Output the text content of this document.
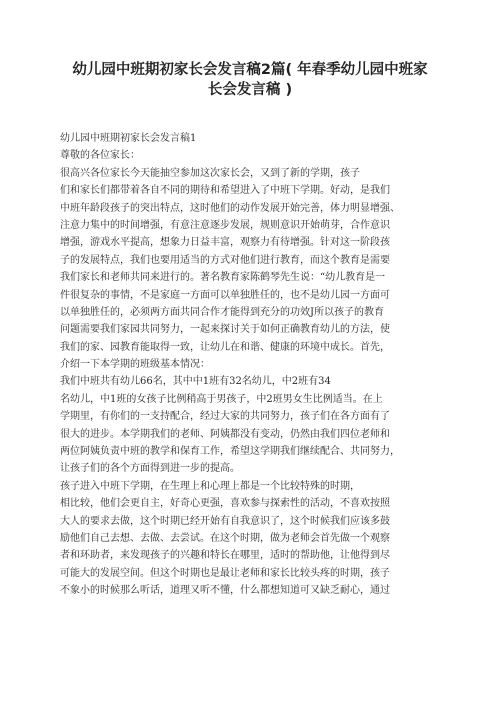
幼儿园中班期初家长会发言稿2篇( 年春季幼儿园中班家
长会发言稿 )
幼儿园中班期初家长会发言稿1
尊敬的各位家长：
很高兴各位家长今天能抽空参加这次家长会，又到了新的学期，孩子
们和家长们都带着各自不同的期待和希望进入了中班下学期。好动，是我们
中班年龄段孩子的突出特点，这时他们的动作发展开始完善，体力明显增强、
注意力集中的时间增强，有意注意逐步发展，规则意识开始萌芽，合作意识
增强，游戏水平提高，想象力日益丰富，观察力有待增强。针对这一阶段孩
子的发展特点，我们也要用适当的方式对他们进行教育，而这个教育是需要
我们家长和老师共同来进行的。著名教育家陈鹤琴先生说：“幼儿教育是一
件很复杂的事情，不是家庭一方面可以单独胜任的，也不是幼儿园一方面可
以单独胜任的，必须两方面共同合作才能得到充分的功效J所以孩子的教育
问题需要我们家园共同努力，一起来探讨关于如何正确教育幼儿的方法，使
我们的家、园教育能取得一致，让幼儿在和谐、健康的环境中成长。首先，
介绍一下本学期的班级基本情况：
我们中班共有幼儿66名，其中中1班有32名幼儿，中2班有34
名幼儿，中1班的女孩子比例稍高于男孩子，中2班男女生比例适当。在上
学期里，有你们的一支持配合，经过大家的共同努力，孩子们在各方面有了
很大的进步。本学期我们的老师、阿姨都没有变动，仍然由我们四位老师和
两位阿姨负责中班的教学和保育工作，希望这学期我们继续配合、共同努力，
让孩子们的各个方面得到进一步的提高。
孩子进入中班下学期，在生理上和心理上都是一个比较特殊的时期，
相比较，他们会更自主，好奇心更强，喜欢参与探索性的活动，不喜欢按照
大人的要求去做，这个时期已经开始有自我意识了，这个时候我们应该多鼓
励他们自己去想、去做、去尝试。在这个时期，做为老师会首先做一个观察
者和环助者，来发现孩子的兴趣和特长在哪里，适时的帮助他，让他得到尽
可能大的发展空间。但这个时期也是最让老师和家长比较头疼的时期，孩子
不象小的时候那么听话，道理又听不懂，什么都想知道可又缺乏耐心，通过
